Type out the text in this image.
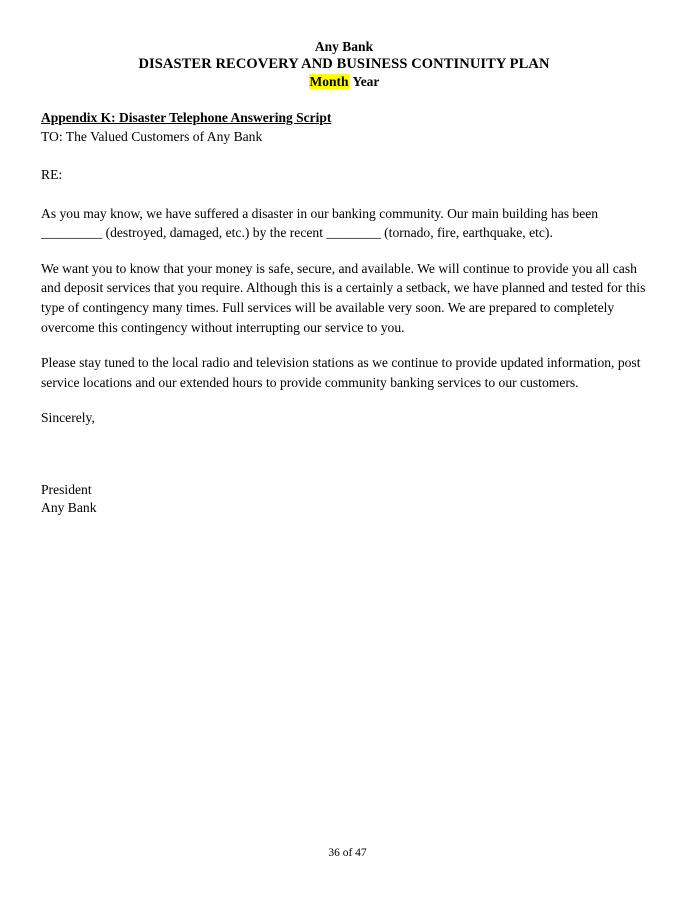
Any Bank
DISASTER RECOVERY AND BUSINESS CONTINUITY PLAN
Month Year
Appendix K: Disaster Telephone Answering Script

TO: The Valued Customers of Any Bank

RE:

As you may know, we have suffered a disaster in our banking community. Our main building has been _________ (destroyed, damaged, etc.) by the recent ________ (tornado, fire, earthquake, etc).

We want you to know that your money is safe, secure, and available. We will continue to provide you all cash and deposit services that you require. Although this is a certainly a setback, we have planned and tested for this type of contingency many times. Full services will be available very soon. We are prepared to completely overcome this contingency without interrupting our service to you.

Please stay tuned to the local radio and television stations as we continue to provide updated information, post service locations and our extended hours to provide community banking services to our customers.

Sincerely,

President

Any Bank

36 of 47
